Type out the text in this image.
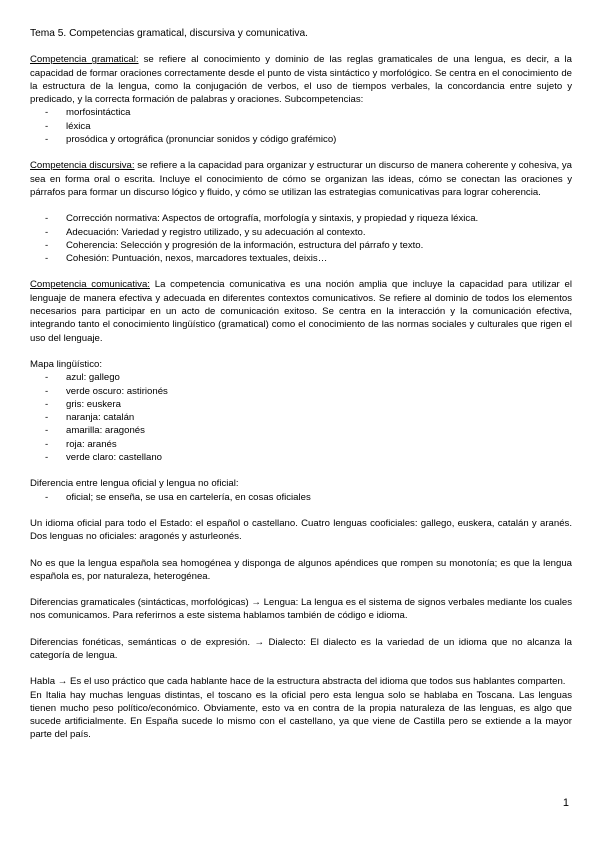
Tema 5. Competencias gramatical, discursiva y comunicativa.

Competencia gramatical: se refiere al conocimiento y dominio de las reglas gramaticales de una lengua, es decir, a la capacidad de formar oraciones correctamente desde el punto de vista sintáctico y morfológico. Se centra en el conocimiento de la estructura de la lengua, como la conjugación de verbos, el uso de tiempos verbales, la concordancia entre sujeto y predicado, y la correcta formación de palabras y oraciones. Subcompetencias:

- morfosintáctica
- léxica
- prosódica y ortográfica (pronunciar sonidos y código grafémico)

Competencia discursiva: se refiere a la capacidad para organizar y estructurar un discurso de manera coherente y cohesiva, ya sea en forma oral o escrita. Incluye el conocimiento de cómo se organizan las ideas, cómo se conectan las oraciones y párrafos para formar un discurso lógico y fluido, y cómo se utilizan las estrategias comunicativas para lograr coherencia.

- Corrección normativa: Aspectos de ortografía, morfología y sintaxis, y propiedad y riqueza léxica.
- Adecuación: Variedad y registro utilizado, y su adecuación al contexto.
- Coherencia: Selección y progresión de la información, estructura del párrafo y texto.
- Cohesión: Puntuación, nexos, marcadores textuales, deixis…

Competencia comunicativa: La competencia comunicativa es una noción amplia que incluye la capacidad para utilizar el lenguaje de manera efectiva y adecuada en diferentes contextos comunicativos. Se refiere al dominio de todos los elementos necesarios para participar en un acto de comunicación exitoso. Se centra en la interacción y la comunicación efectiva, integrando tanto el conocimiento lingüístico (gramatical) como el conocimiento de las normas sociales y culturales que rigen el uso del lenguaje.

Mapa lingüístico:

- azul: gallego
- verde oscuro: astirionés
- gris: euskera
- naranja: catalán
- amarilla: aragonés
- roja: aranés
- verde claro: castellano

Diferencia entre lengua oficial y lengua no oficial:

- oficial; se enseña, se usa en cartelería, en cosas oficiales

Un idioma oficial para todo el Estado: el español o castellano. Cuatro lenguas cooficiales: gallego, euskera, catalán y aranés. Dos lenguas no oficiales: aragonés y asturleonés.

No es que la lengua española sea homogénea y disponga de algunos apéndices que rompen su monotonía; es que la lengua española es, por naturaleza, heterogénea.

Diferencias gramaticales (sintácticas, morfológicas) → Lengua: La lengua es el sistema de signos verbales mediante los cuales nos comunicamos. Para referirnos a este sistema hablamos también de código e idioma.

Diferencias fonéticas, semánticas o de expresión. → Dialecto: El dialecto es la variedad de un idioma que no alcanza la categoría de lengua.

Habla → Es el uso práctico que cada hablante hace de la estructura abstracta del idioma que todos sus hablantes comparten.

En Italia hay muchas lenguas distintas, el toscano es la oficial pero esta lengua solo se hablaba en Toscana. Las lenguas tienen mucho peso político/económico. Obviamente, esto va en contra de la propia naturaleza de las lenguas, es algo que sucede artificialmente. En España sucede lo mismo con el castellano, ya que viene de Castilla pero se extiende a la mayor parte del país.

1
